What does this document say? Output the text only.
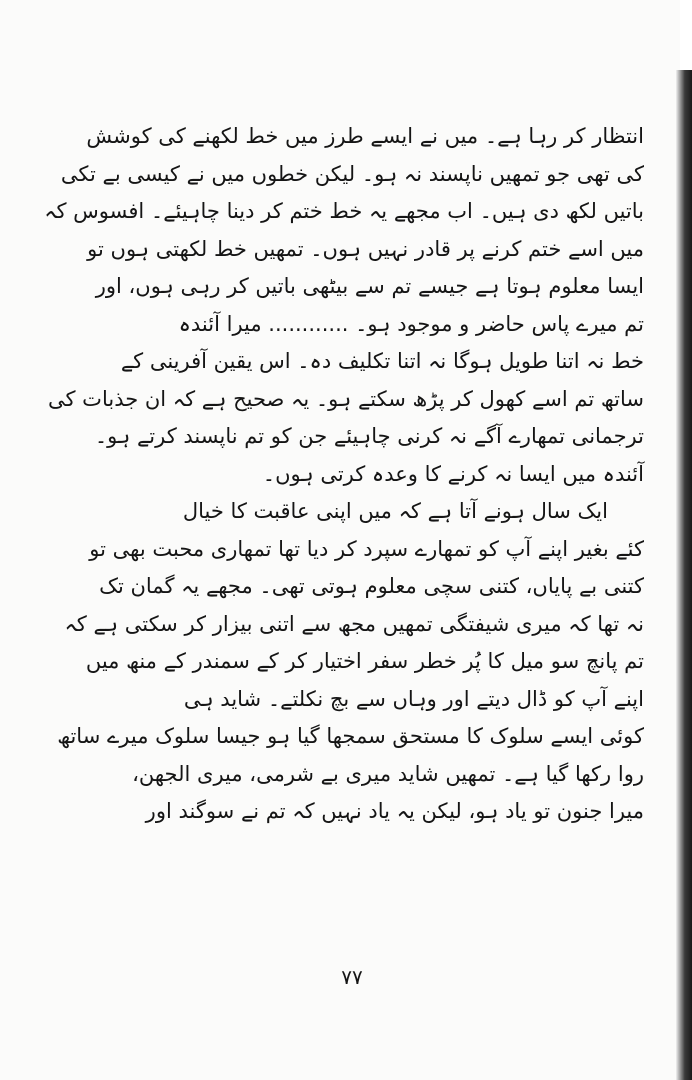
انتظار کر رہا ہے۔ میں نے ایسے طرز میں خط لکھنے کی کوشش
کی تھی جو تمھیں ناپسند نہ ہو۔ لیکن خطوں میں نے کیسی بے تکی
باتیں لکھ دی ہیں۔ اب مجھے یہ خط ختم کر دینا چاہیئے۔ افسوس کہ
میں اسے ختم کرنے پر قادر نہیں ہوں۔ تمھیں خط لکھتی ہوں تو
ایسا معلوم ہوتا ہے جیسے تم سے بیٹھی باتیں کر رہی ہوں، اور
تم میرے پاس حاضر و موجود ہو۔ ............ میرا آئندہ
خط نہ اتنا طویل ہوگا نہ اتنا تکلیف دہ۔ اس یقین آفرینی کے
ساتھ تم اسے کھول کر پڑھ سکتے ہو۔ یہ صحیح ہے کہ ان جذبات کی
ترجمانی تمھارے آگے نہ کرنی چاہیئے جن کو تم ناپسند کرتے ہو۔
آئندہ میں ایسا نہ کرنے کا وعدہ کرتی ہوں۔
ایک سال ہونے آتا ہے کہ میں اپنی عاقبت کا خیال
کئے بغیر اپنے آپ کو تمھارے سپرد کر دیا تھا تمھاری محبت بھی تو
کتنی بے پایاں، کتنی سچی معلوم ہوتی تھی۔ مجھے یہ گمان تک
نہ تھا کہ میری شیفتگی تمھیں مجھ سے اتنی بیزار کر سکتی ہے کہ
تم پانچ سو میل کا پُر خطر سفر اختیار کر کے سمندر کے منھ میں
اپنے آپ کو ڈال دیتے اور وہاں سے بچ نکلتے۔ شاید ہی
کوئی ایسے سلوک کا مستحق سمجھا گیا ہو جیسا سلوک میرے ساتھ
روا رکھا گیا ہے۔ تمھیں شاید میری بے شرمی، میری الجھن،
میرا جنون تو یاد ہو، لیکن یہ یاد نہیں کہ تم نے سوگند اور
۷۷
